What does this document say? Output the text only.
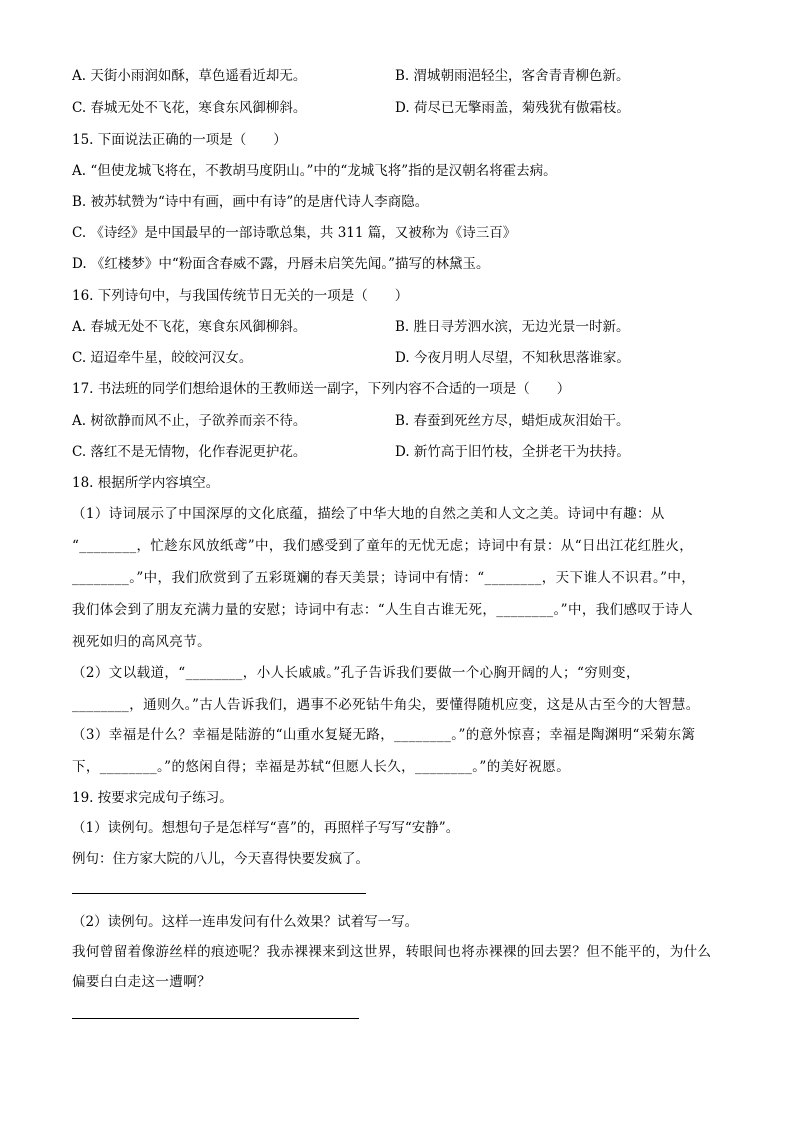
A. 天街小雨润如酥，草色遥看近却无。	B. 渭城朝雨浥轻尘，客舍青青柳色新。
C. 春城无处不飞花，寒食东风御柳斜。	D. 荷尽已无擎雨盖，菊残犹有傲霜枝。
15. 下面说法正确的一项是（　　）
A. “但使龙城飞将在，不教胡马度阴山。”中的“龙城飞将”指的是汉朝名将霍去病。
B. 被苏轼赞为“诗中有画，画中有诗”的是唐代诗人李商隐。
C. 《诗经》是中国最早的一部诗歌总集，共 311 篇，又被称为《诗三百》
D. 《红楼梦》中“粉面含春威不露，丹唇未启笑先闻。”描写的林黛玉。
16. 下列诗句中，与我国传统节日无关的一项是（　　）
A. 春城无处不飞花，寒食东风御柳斜。	B. 胜日寻芳泗水滨，无边光景一时新。
C. 迢迢牵牛星，皎皎河汉女。	D. 今夜月明人尽望，不知秋思落谁家。
17. 书法班的同学们想给退休的王教师送一副字，下列内容不合适的一项是（　　）
A. 树欲静而风不止，子欲养而亲不待。	B. 春蚕到死丝方尽，蜡炬成灰泪始干。
C. 落红不是无情物，化作春泥更护花。	D. 新竹高于旧竹枝，全拼老干为扶持。
18. 根据所学内容填空。
（1）诗词展示了中国深厚的文化底蕴，描绘了中华大地的自然之美和人文之美。诗词中有趣：从
“________，忙趁东风放纸鸢”中，我们感受到了童年的无忧无虑；诗词中有景：从“日出江花红胜火，
________。”中，我们欣赏到了五彩斑斓的春天美景；诗词中有情：“________，天下谁人不识君。”中，
我们体会到了朋友充满力量的安慰；诗词中有志：“人生自古谁无死，________。”中，我们感叹于诗人
视死如归的高风亮节。
（2）文以载道，“________，小人长戚戚。”孔子告诉我们要做一个心胸开阔的人；“穷则变，
________，通则久。”古人告诉我们，遇事不必死钻牛角尖，要懂得随机应变，这是从古至今的大智慧。
（3）幸福是什么？幸福是陆游的“山重水复疑无路，________。”的意外惊喜；幸福是陶渊明“采菊东篱
下，________。”的悠闲自得；幸福是苏轼“但愿人长久，________。”的美好祝愿。
19. 按要求完成句子练习。
（1）读例句。想想句子是怎样写“喜”的，再照样子写写“安静”。
例句：住方家大院的八儿，今天喜得快要发疯了。
（2）读例句。这样一连串发问有什么效果？试着写一写。
我何曾留着像游丝样的痕迹呢？我赤裸裸来到这世界，转眼间也将赤裸裸的回去罢？但不能平的，为什么
偏要白白走这一遭啊？
